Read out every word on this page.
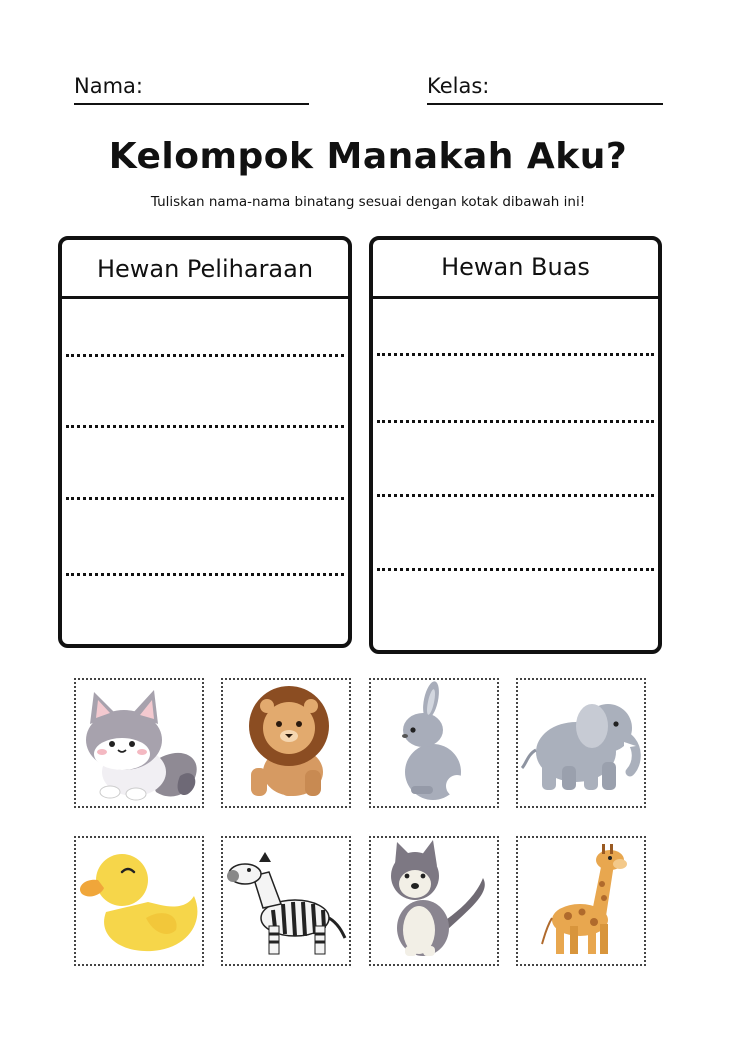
Nama:	Kelas:
Kelompok Manakah Aku?
Tuliskan nama-nama binatang sesuai dengan kotak dibawah ini!
Hewan Peliharaan	Hewan Buas
